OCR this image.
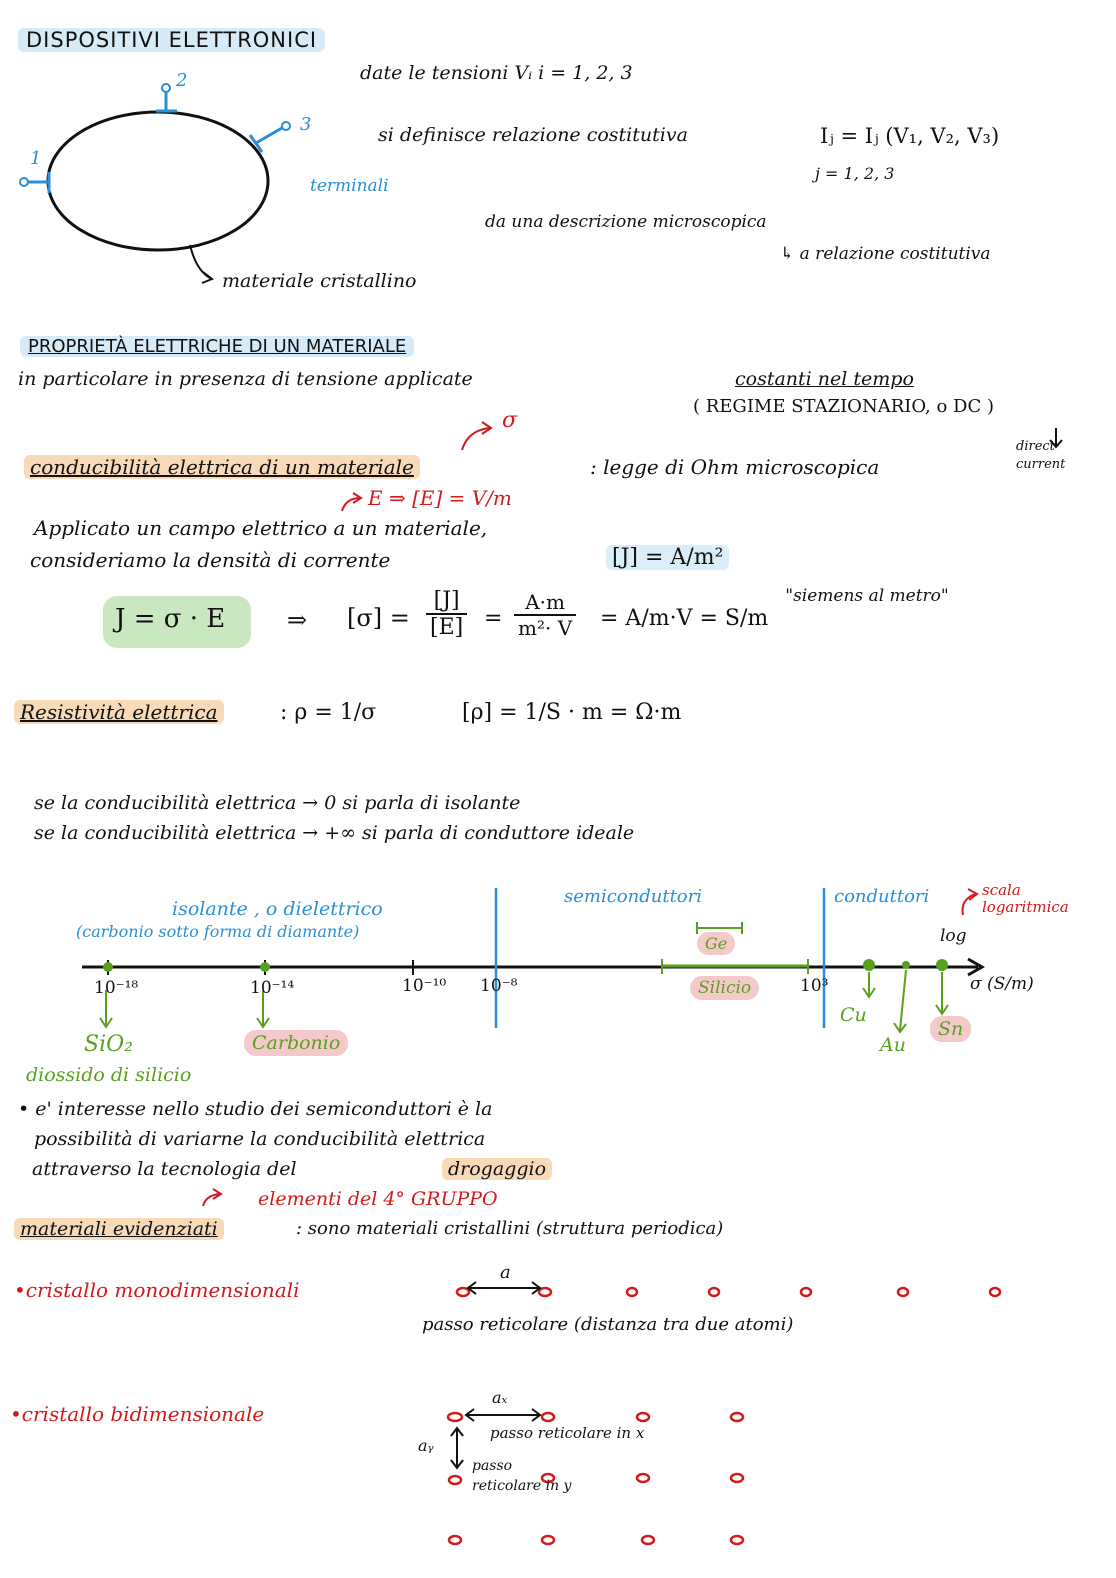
DISPOSITIVI ELETTRONICI
1
2
3
terminali
materiale cristallino
date le tensioni Vᵢ i = 1, 2, 3
si definisce relazione costitutiva	Iⱼ = Iⱼ (V₁, V₂, V₃)
j = 1, 2, 3
da una descrizione microscopica
↳ a relazione costitutiva
PROPRIETÀ ELETTRICHE DI UN MATERIALE
in particolare in presenza di tensione applicate	costanti nel tempo
( REGIME STAZIONARIO, o DC )
direct current
σ
conducibilità elettrica di un materiale	: legge di Ohm microscopica
E ⇒ [E] = V/m
Applicato un campo elettrico a un materiale,
consideriamo la densità di corrente	[J] = A/m²
J = σ · E	⇒ $[\sigma] = \frac{[J]}{[E]} = \frac{A\cdot m}{\text{m²· V}} = A/m\cdot V = S/m$
"siemens al metro"
Resistività elettrica	: ρ = 1/σ	[ρ] = 1/S · m = Ω·m
se la conducibilità elettrica → 0 si parla di isolante
se la conducibilità elettrica → +∞ si parla di conduttore ideale
isolante , o dielettrico
(carbonio sotto forma di diamante)
semiconduttori	conduttori	scala logaritmica
log
Ge
Silicio
10⁻¹⁸	10⁻¹⁴	10⁻¹⁰ 10⁻⁸	10³	σ (S/m)
SiO₂
diossido di silicio
Carbonio
Cu
Au
Sn
• e' interesse nello studio dei semiconduttori è la
possibilità di variarne la conducibilità elettrica
attraverso la tecnologia del	drogaggio
elementi del 4° GRUPPO
materiali evidenziati	: sono materiali cristallini (struttura periodica)
•cristallo monodimensionali
a
passo reticolare (distanza tra due atomi)
•cristallo bidimensionale
aₓ
passo reticolare in x
aᵧ
passo
reticolare in y
